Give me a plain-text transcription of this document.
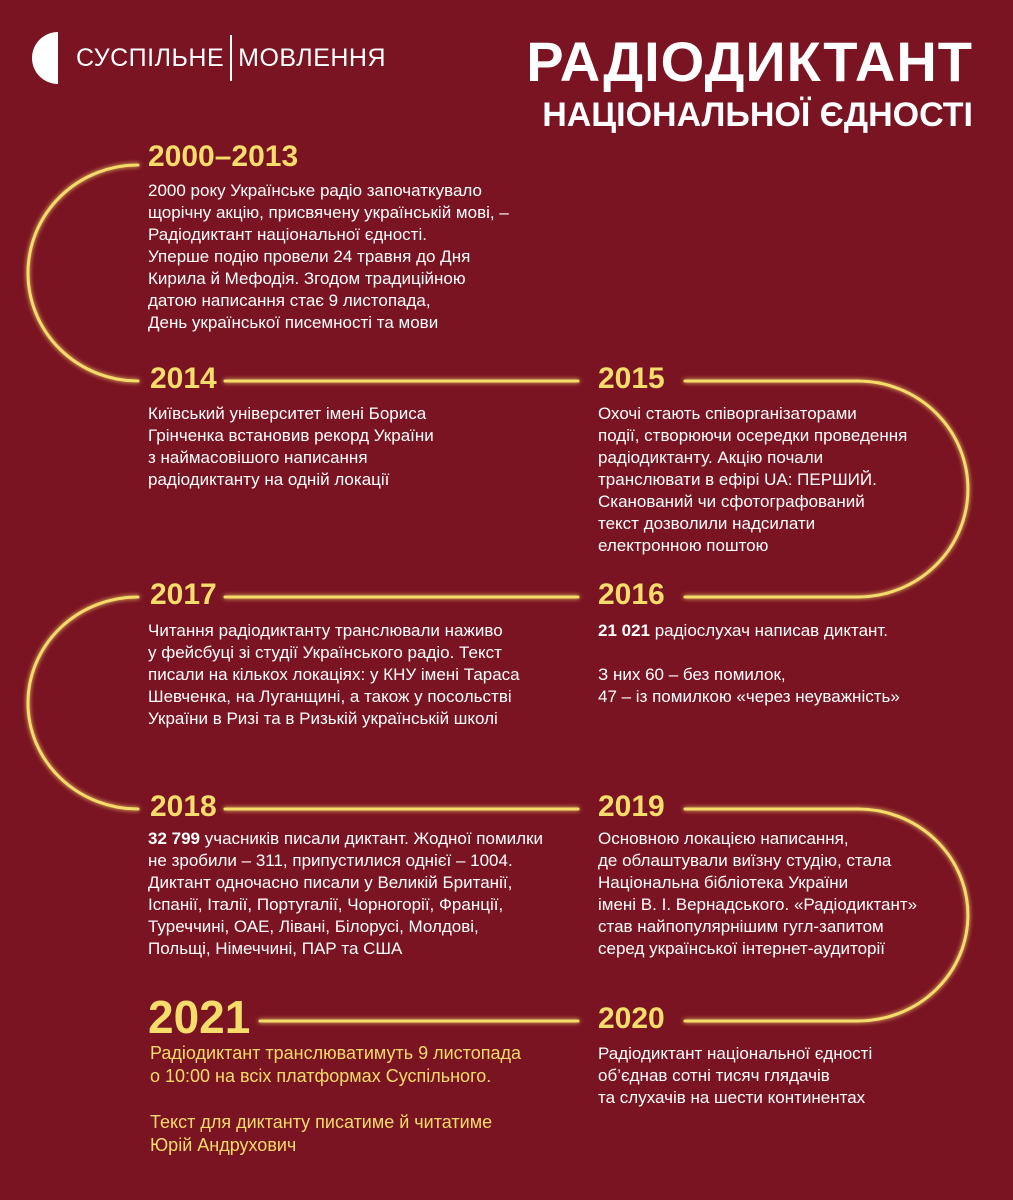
СУСПІЛЬНЕ МОВЛЕННЯ	РАДІОДИКТАНТ
НАЦІОНАЛЬНОЇ ЄДНОСТІ
2000–2013
2000 року Українське радіо започаткувало
щорічну акцію, присвячену українській мові, –
Радіодиктант національної єдності.
Уперше подію провели 24 травня до Дня
Кирила й Мефодія. Згодом традиційною
датою написання стає 9 листопада,
День української писемності та мови
2014
Київський університет імені Бориса
Грінченка встановив рекорд України
з наймасовішого написання
радіодиктанту на одній локації
2015
Охочі стають співорганізаторами
події, створюючи осередки проведення
радіодиктанту. Акцію почали
транслювати в ефірі UA: ПЕРШИЙ.
Сканований чи сфотографований
текст дозволили надсилати
електронною поштою
2017
Читання радіодиктанту транслювали наживо
у фейсбуці зі студії Українського радіо. Текст
писали на кількох локаціях: у КНУ імені Тараса
Шевченка, на Луганщині, а також у посольстві
України в Ризі та в Ризькій українській школі
2016
21 021 радіослухач написав диктант.

З них 60 – без помилок,
47 – із помилкою «через неуважність»
2018
32 799 учасників писали диктант. Жодної помилки
не зробили – 311, припустилися однієї – 1004.
Диктант одночасно писали у Великій Британії,
Іспанії, Італії, Португалії, Чорногорії, Франції,
Туреччині, ОАЕ, Лівані, Білорусі, Молдові,
Польщі, Німеччині, ПАР та США
2019
Основною локацією написання,
де облаштували виїзну студію, стала
Національна бібліотека України
імені В. І. Вернадського. «Радіодиктант»
став найпопулярнішим гугл-запитом
серед української інтернет-аудиторії
2021
Радіодиктант транслюватимуть 9 листопада
о 10:00 на всіх платформах Суспільного.

Текст для диктанту писатиме й читатиме
Юрій Андрухович
2020
Радіодиктант національної єдності
об’єднав сотні тисяч глядачів
та слухачів на шести континентах
